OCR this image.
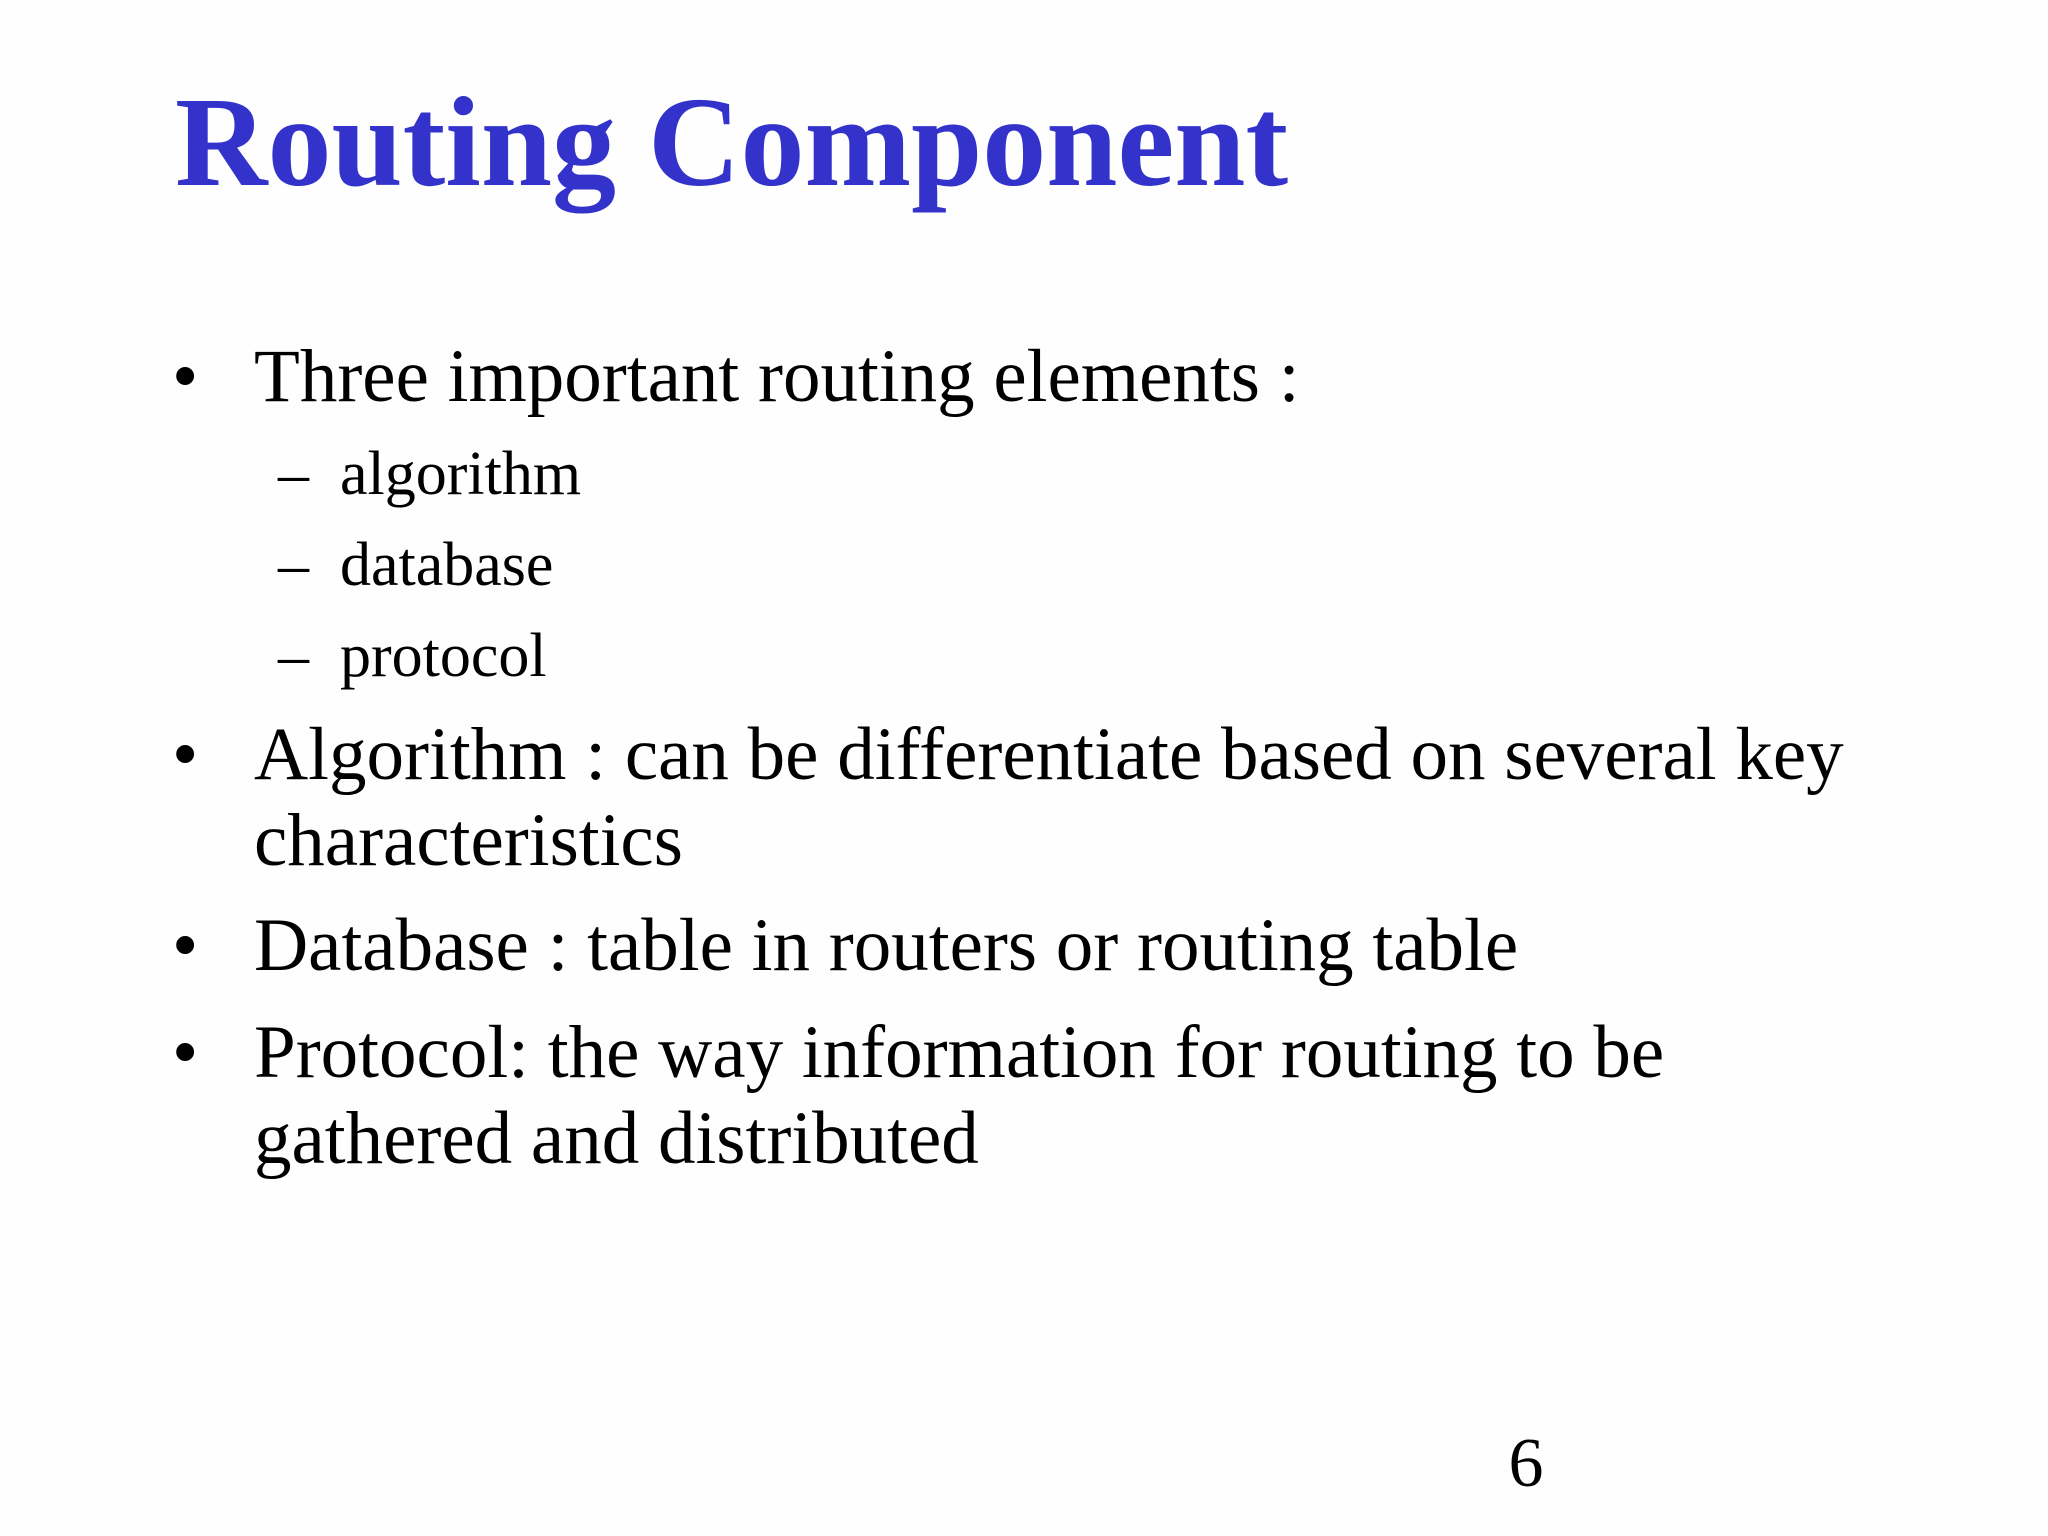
Routing Component
• Three important routing elements :
– algorithm
– database
– protocol
• Algorithm : can be differentiate based on several key characteristics
• Database : table in routers or routing table
• Protocol: the way information for routing to be gathered and distributed
6
